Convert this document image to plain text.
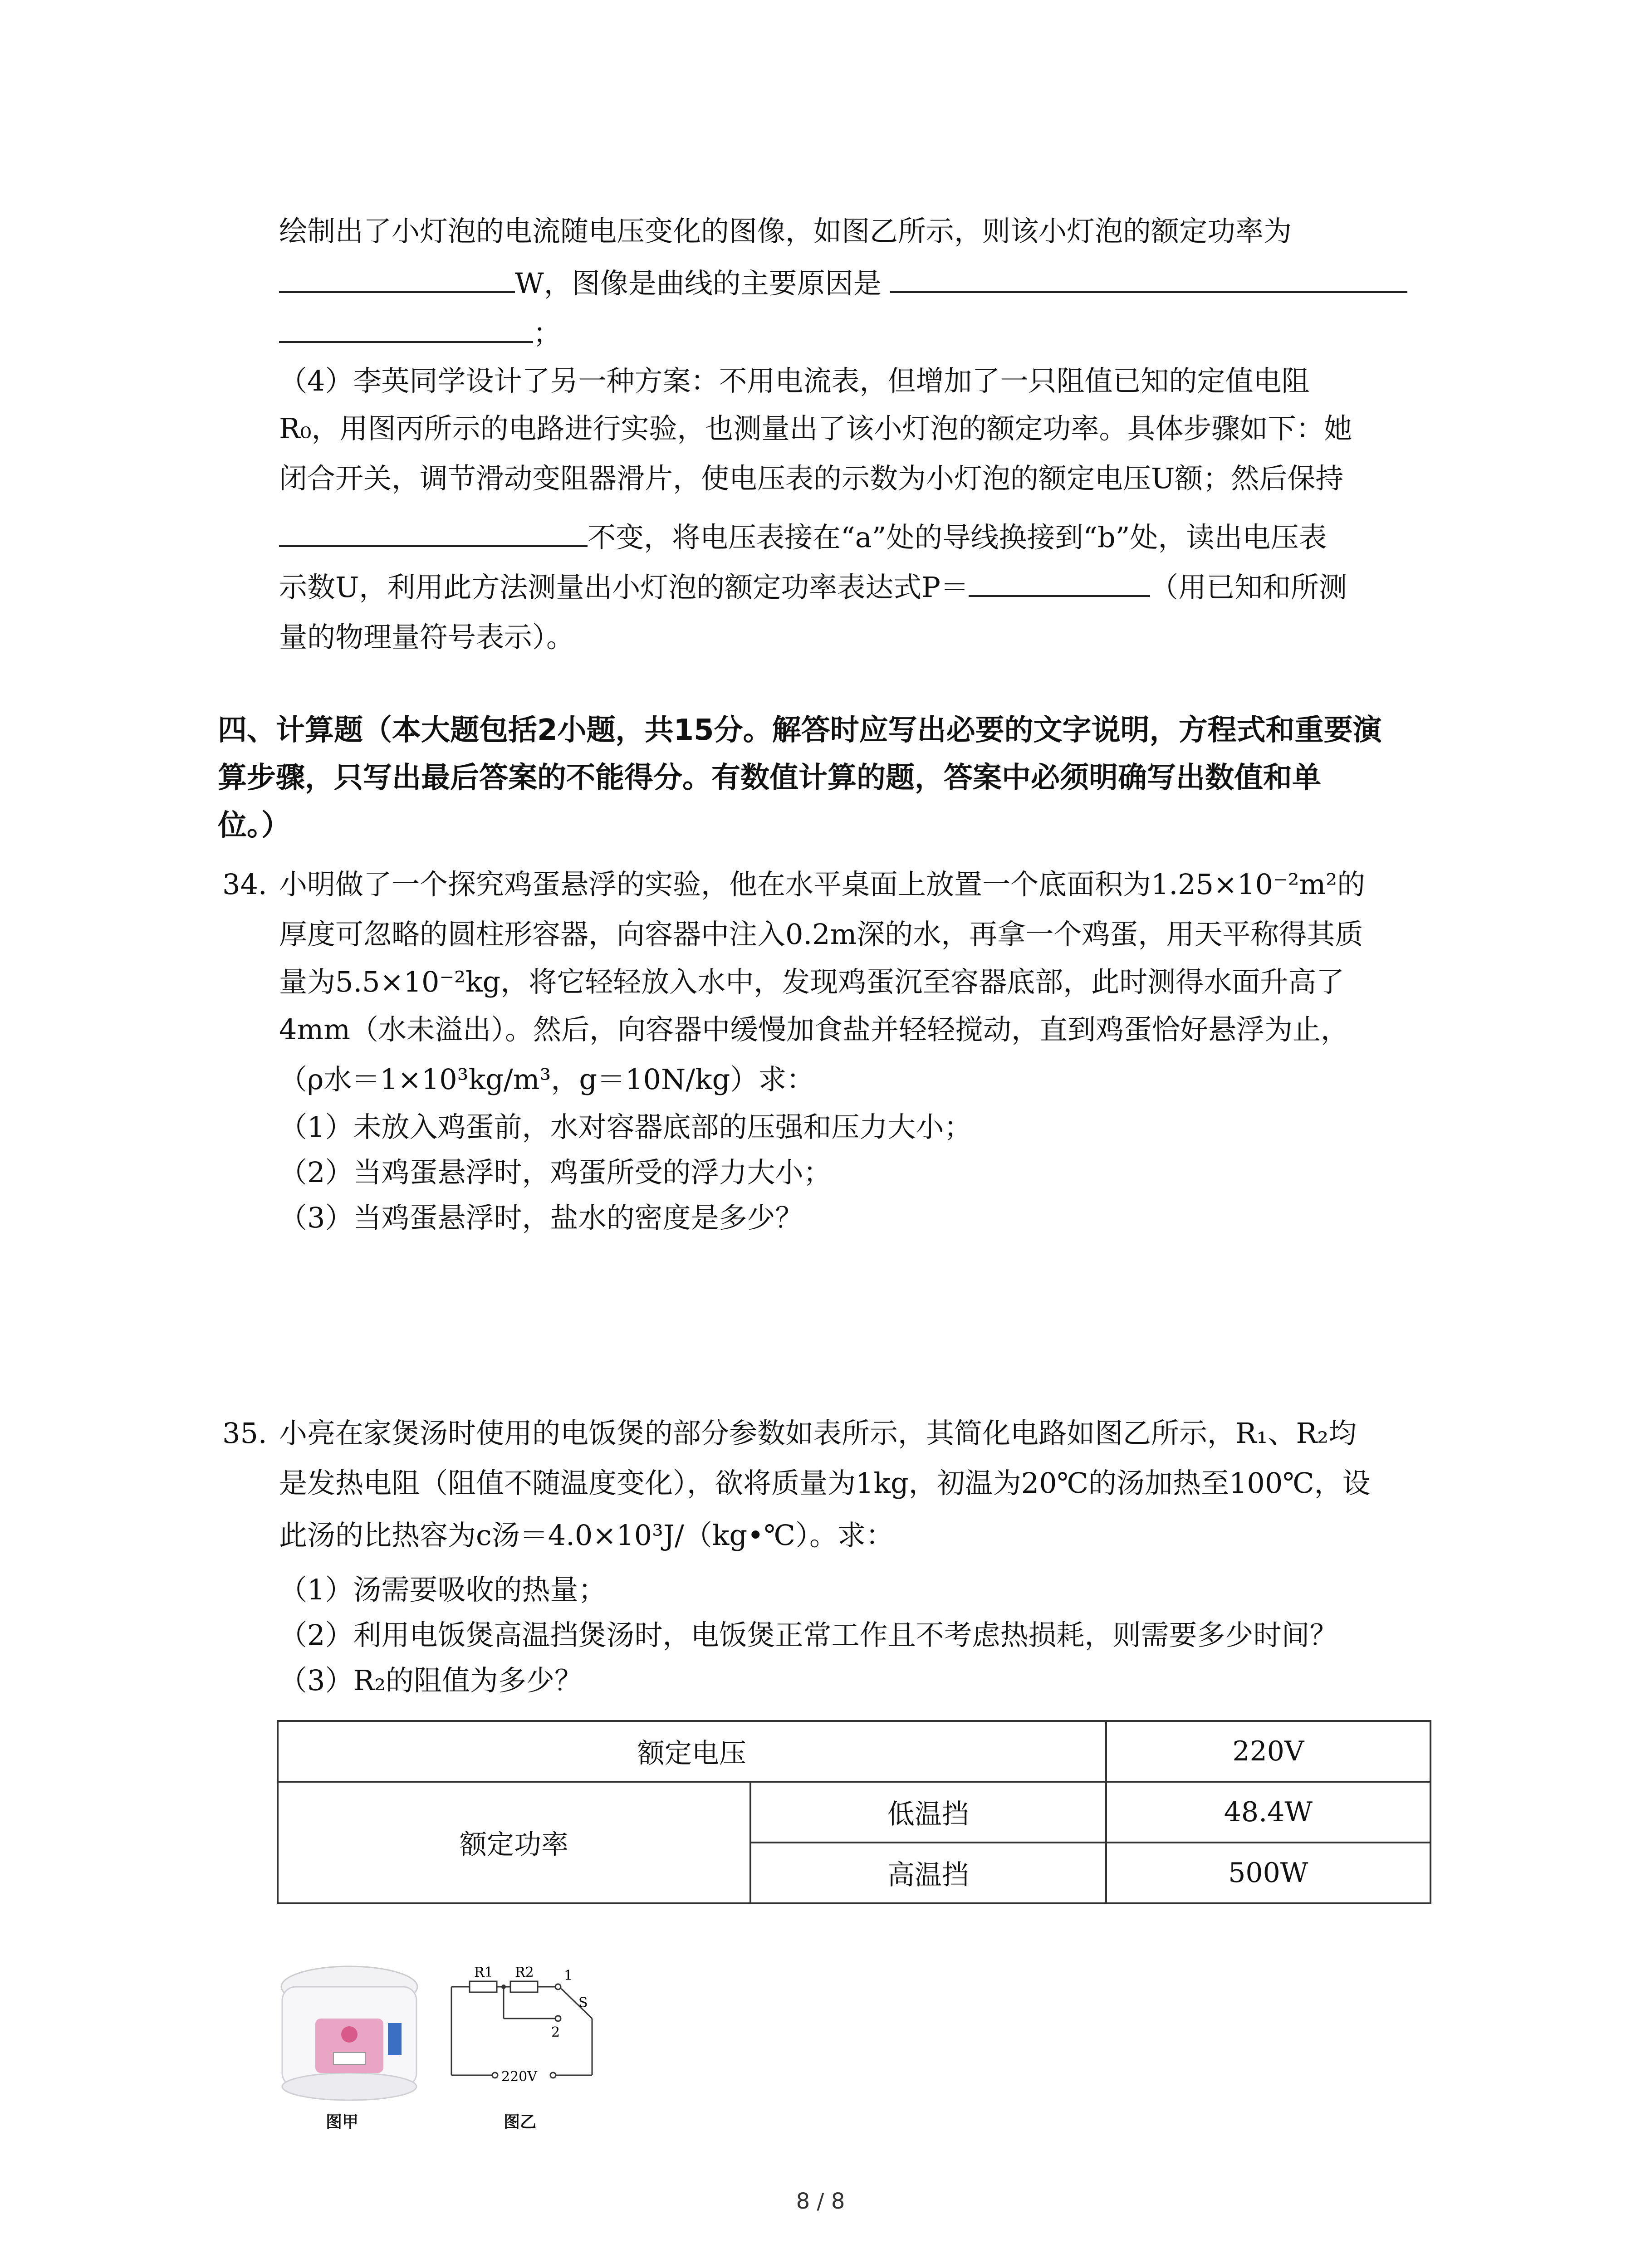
绘制出了小灯泡的电流随电压变化的图像，如图乙所示，则该小灯泡的额定功率为
W，图像是曲线的主要原因是
；
（4）李英同学设计了另一种方案：不用电流表，但增加了一只阻值已知的定值电阻
R₀，用图丙所示的电路进行实验，也测量出了该小灯泡的额定功率。具体步骤如下：她
闭合开关，调节滑动变阻器滑片，使电压表的示数为小灯泡的额定电压U额；然后保持
不变，将电压表接在“a”处的导线换接到“b”处，读出电压表
示数U，利用此方法测量出小灯泡的额定功率表达式P＝	（用已知和所测
量的物理量符号表示）。
四、计算题（本大题包括2小题，共15分。解答时应写出必要的文字说明，方程式和重要演
算步骤，只写出最后答案的不能得分。有数值计算的题，答案中必须明确写出数值和单
位。）
34. 小明做了一个探究鸡蛋悬浮的实验，他在水平桌面上放置一个底面积为1.25×10⁻²m²的
厚度可忽略的圆柱形容器，向容器中注入0.2m深的水，再拿一个鸡蛋，用天平称得其质
量为5.5×10⁻²kg，将它轻轻放入水中，发现鸡蛋沉至容器底部，此时测得水面升高了
4mm（水未溢出）。然后，向容器中缓慢加食盐并轻轻搅动，直到鸡蛋恰好悬浮为止，
（ρ水＝1×10³kg/m³，g＝10N/kg）求：
（1）未放入鸡蛋前，水对容器底部的压强和压力大小；
（2）当鸡蛋悬浮时，鸡蛋所受的浮力大小；
（3）当鸡蛋悬浮时，盐水的密度是多少？
35. 小亮在家煲汤时使用的电饭煲的部分参数如表所示，其简化电路如图乙所示，R₁、R₂均
是发热电阻（阻值不随温度变化），欲将质量为1kg，初温为20℃的汤加热至100℃，设
此汤的比热容为c汤＝4.0×10³J/（kg•℃）。求：
（1）汤需要吸收的热量；
（2）利用电饭煲高温挡煲汤时，电饭煲正常工作且不考虑热损耗，则需要多少时间？
（3）R₂的阻值为多少？
额定电压		220V
额定功率	低温挡	48.4W
	高温挡	500W
图甲
R1 R2 1
2
S
220V
图乙
8 / 8
